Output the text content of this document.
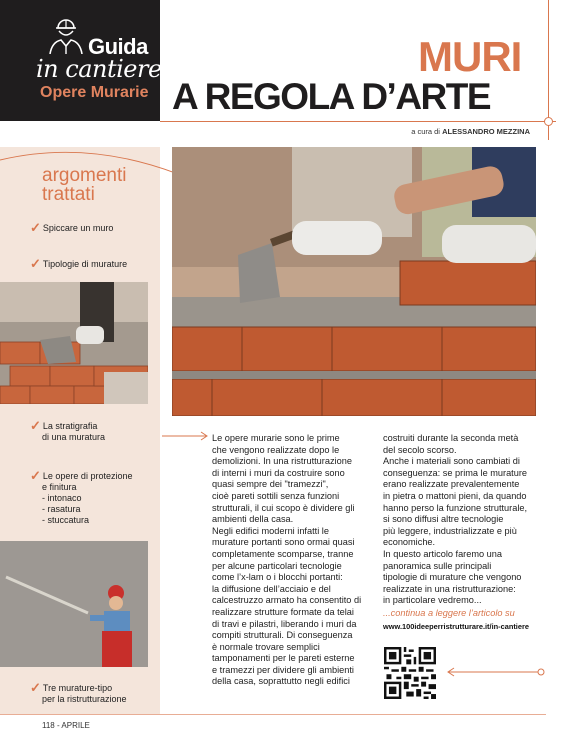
Guida
in cantiere
Opere Murarie
MURI
A REGOLA D’ARTE
a cura di ALESSANDRO MEZZINA
argomenti
trattati
✓ Spiccare un muro
✓ Tipologie di murature
✓ La stratigrafia
di una muratura
✓ Le opere di protezione
e finitura
- intonaco
- rasatura
- stuccatura
✓ Tre murature-tipo
per la ristrutturazione
Le opere murarie sono le prime
che vengono realizzate dopo le
demolizioni. In una ristrutturazione
di interni i muri da costruire sono
quasi sempre dei "tramezzi",
cioè pareti sottili senza funzioni
strutturali, il cui scopo è dividere gli
ambienti della casa.
Negli edifici moderni infatti le
murature portanti sono ormai quasi
completamente scomparse, tranne
per alcune particolari tecnologie
come l’x-lam o i blocchi portanti:
la diffusione dell’acciaio e del
calcestruzzo armato ha consentito di
realizzare strutture formate da telai
di travi e pilastri, liberando i muri da
compiti strutturali. Di conseguenza
è normale trovare semplici
tamponamenti per le pareti esterne
e tramezzi per dividere gli ambienti
della casa, soprattutto negli edifici
costruiti durante la seconda metà
del secolo scorso.
Anche i materiali sono cambiati di
conseguenza: se prima le murature
erano realizzate prevalentemente
in pietra o mattoni pieni, da quando
hanno perso la funzione strutturale,
si sono diffusi altre tecnologie
più leggere, industrializzate e più
economiche.
In questo articolo faremo una
panoramica sulle principali
tipologie di murature che vengono
realizzate in una ristrutturazione:
in particolare vedremo...
...continua a leggere l’articolo su
www.100ideeperristrutturare.it/in-cantiere
118 - APRILE
